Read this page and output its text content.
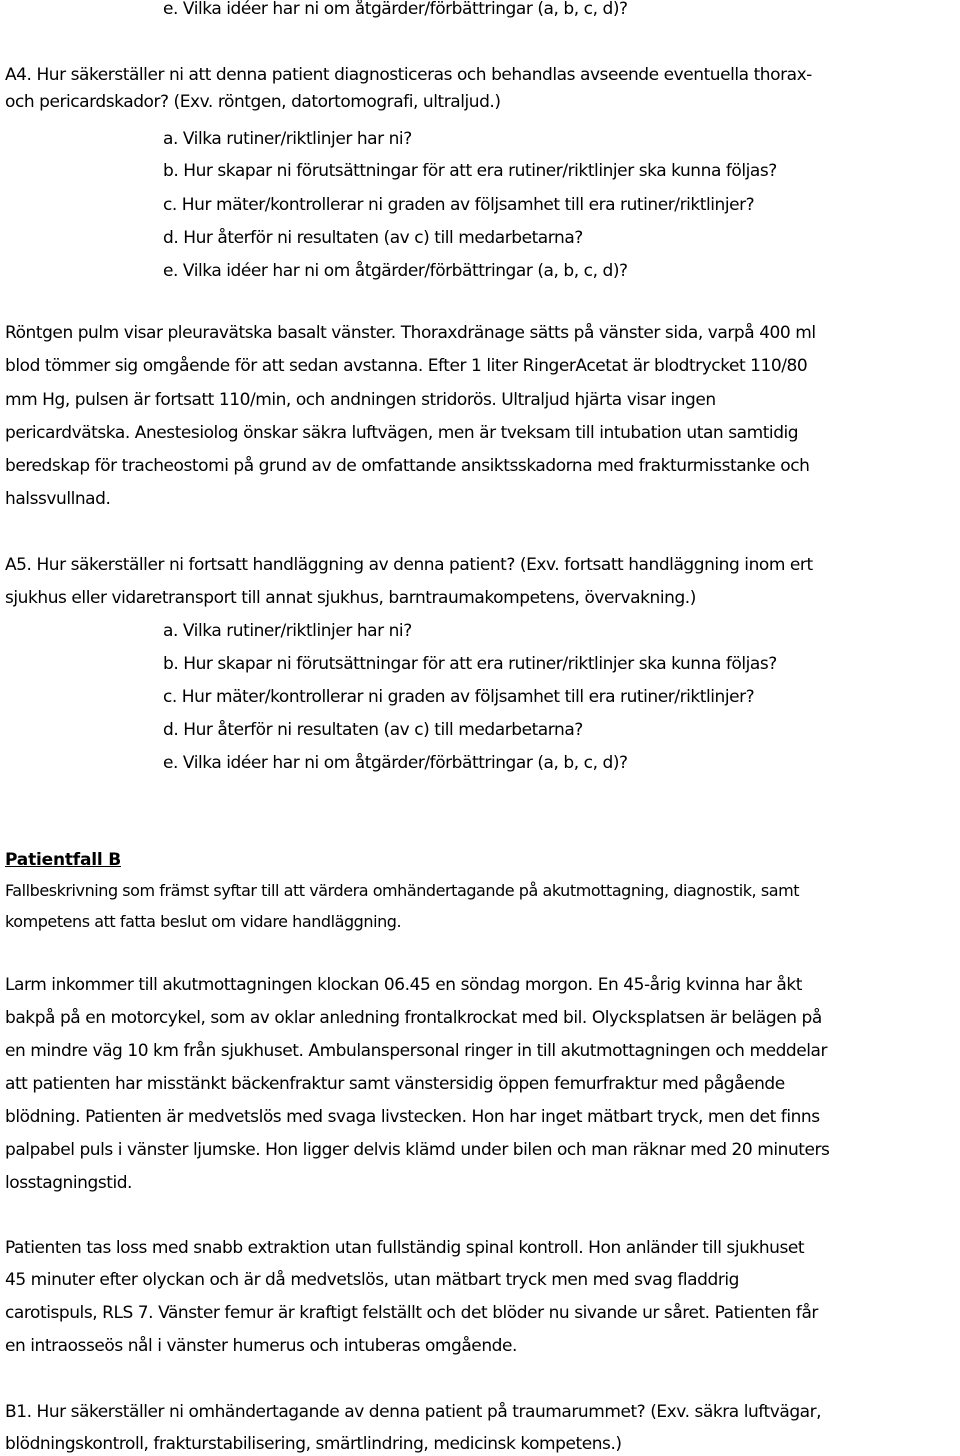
e. Vilka idéer har ni om åtgärder/förbättringar (a, b, c, d)?
A4. Hur säkerställer ni att denna patient diagnosticeras och behandlas avseende eventuella thorax-
och pericardskador? (Exv. röntgen, datortomografi, ultraljud.)
a. Vilka rutiner/riktlinjer har ni?
b. Hur skapar ni förutsättningar för att era rutiner/riktlinjer ska kunna följas?
c. Hur mäter/kontrollerar ni graden av följsamhet till era rutiner/riktlinjer?
d. Hur återför ni resultaten (av c) till medarbetarna?
e. Vilka idéer har ni om åtgärder/förbättringar (a, b, c, d)?
Röntgen pulm visar pleuravätska basalt vänster. Thoraxdränage sätts på vänster sida, varpå 400 ml
blod tömmer sig omgående för att sedan avstanna. Efter 1 liter RingerAcetat är blodtrycket 110/80
mm Hg, pulsen är fortsatt 110/min, och andningen stridorös. Ultraljud hjärta visar ingen
pericardvätska. Anestesiolog önskar säkra luftvägen, men är tveksam till intubation utan samtidig
beredskap för tracheostomi på grund av de omfattande ansiktsskadorna med frakturmisstanke och
halssvullnad.
A5. Hur säkerställer ni fortsatt handläggning av denna patient? (Exv. fortsatt handläggning inom ert
sjukhus eller vidaretransport till annat sjukhus, barntraumakompetens, övervakning.)
a. Vilka rutiner/riktlinjer har ni?
b. Hur skapar ni förutsättningar för att era rutiner/riktlinjer ska kunna följas?
c. Hur mäter/kontrollerar ni graden av följsamhet till era rutiner/riktlinjer?
d. Hur återför ni resultaten (av c) till medarbetarna?
e. Vilka idéer har ni om åtgärder/förbättringar (a, b, c, d)?
Patientfall B
Fallbeskrivning som främst syftar till att värdera omhändertagande på akutmottagning, diagnostik, samt
kompetens att fatta beslut om vidare handläggning.
Larm inkommer till akutmottagningen klockan 06.45 en söndag morgon. En 45-årig kvinna har åkt
bakpå på en motorcykel, som av oklar anledning frontalkrockat med bil. Olycksplatsen är belägen på
en mindre väg 10 km från sjukhuset. Ambulanspersonal ringer in till akutmottagningen och meddelar
att patienten har misstänkt bäckenfraktur samt vänstersidig öppen femurfraktur med pågående
blödning. Patienten är medvetslös med svaga livstecken. Hon har inget mätbart tryck, men det finns
palpabel puls i vänster ljumske. Hon ligger delvis klämd under bilen och man räknar med 20 minuters
losstagningstid.
Patienten tas loss med snabb extraktion utan fullständig spinal kontroll. Hon anländer till sjukhuset
45 minuter efter olyckan och är då medvetslös, utan mätbart tryck men med svag fladdrig
carotispuls, RLS 7. Vänster femur är kraftigt felställt och det blöder nu sivande ur såret. Patienten får
en intraosseös nål i vänster humerus och intuberas omgående.
B1. Hur säkerställer ni omhändertagande av denna patient på traumarummet? (Exv. säkra luftvägar,
blödningskontroll, frakturstabilisering, smärtlindring, medicinsk kompetens.)
